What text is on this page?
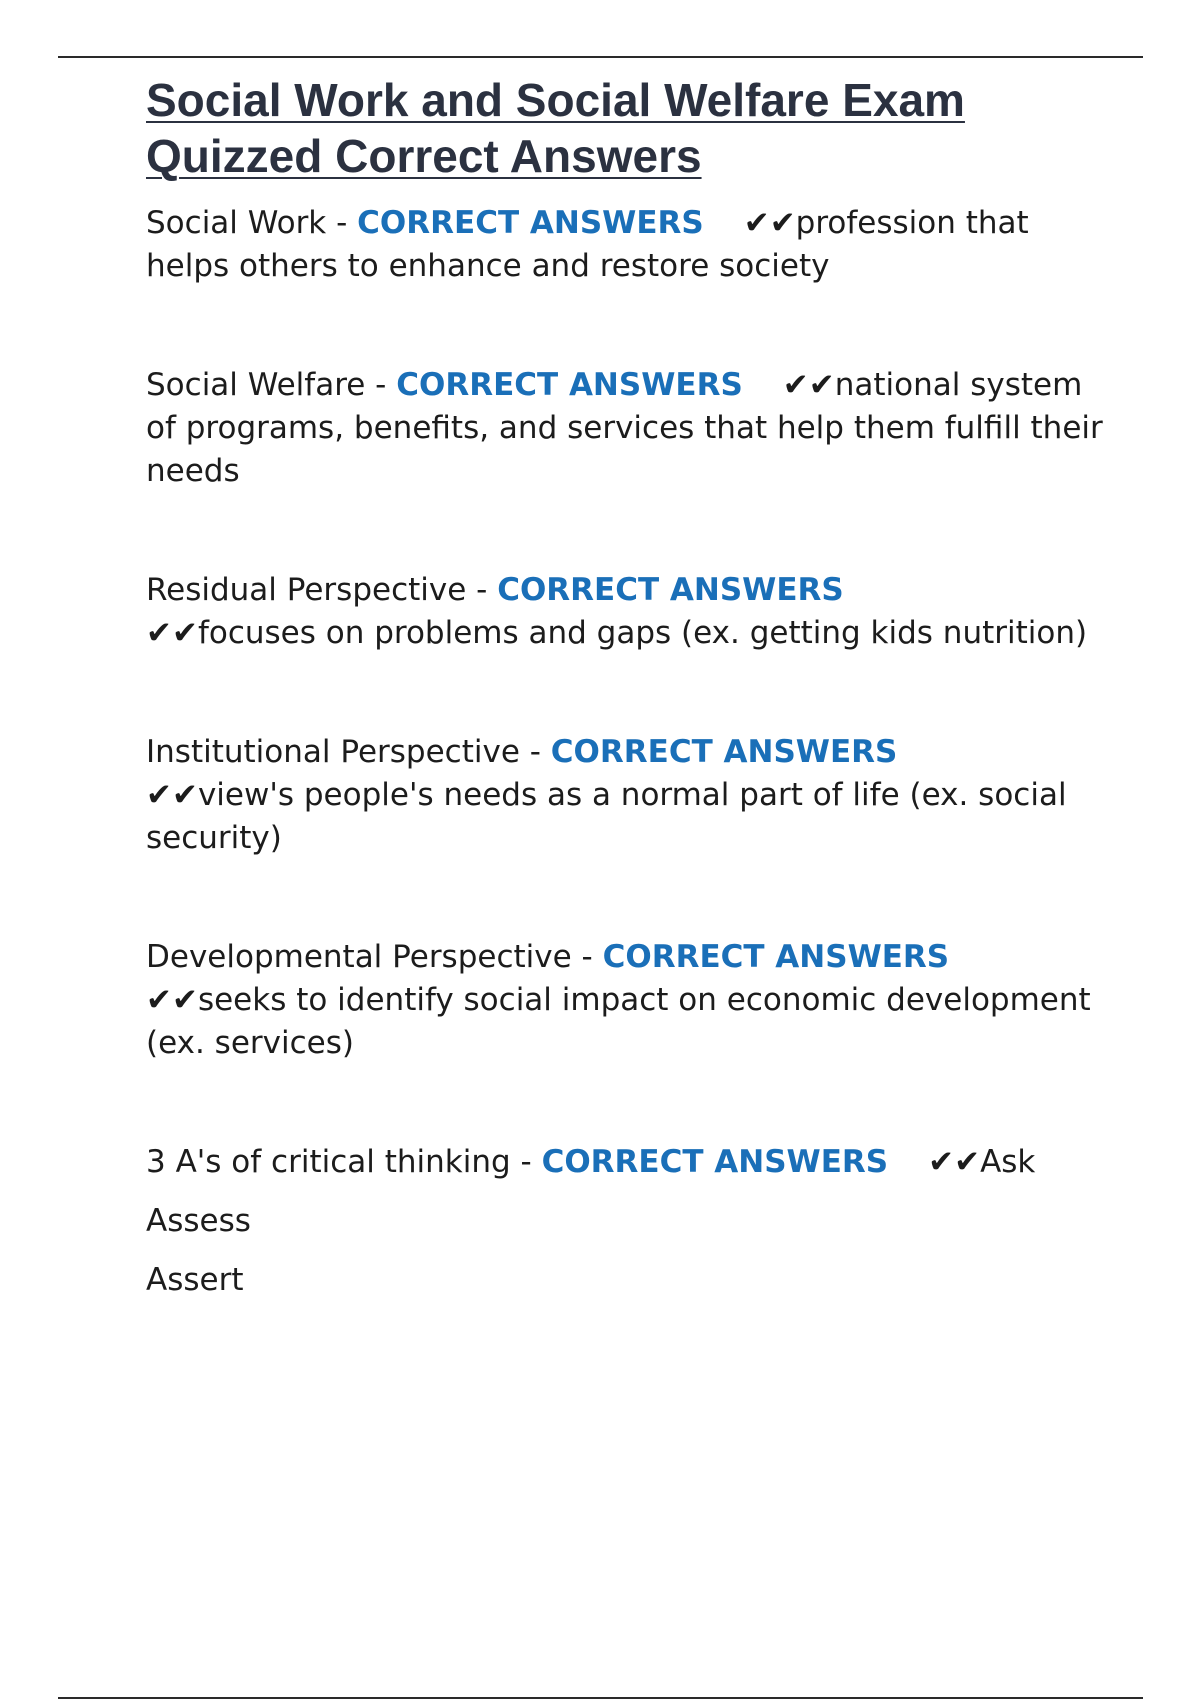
Social Work and Social Welfare Exam
Quizzed Correct Answers

Social Work - CORRECT ANSWERS ✔✔profession that helps others to enhance and restore society

Social Welfare - CORRECT ANSWERS ✔✔national system of programs, benefits, and services that help them fulfill their needs

Residual Perspective - CORRECT ANSWERS
✔✔focuses on problems and gaps (ex. getting kids nutrition)

Institutional Perspective - CORRECT ANSWERS
✔✔view's people's needs as a normal part of life (ex. social security)

Developmental Perspective - CORRECT ANSWERS
✔✔seeks to identify social impact on economic development (ex. services)

3 A's of critical thinking - CORRECT ANSWERS ✔✔Ask

Assess
Assert
